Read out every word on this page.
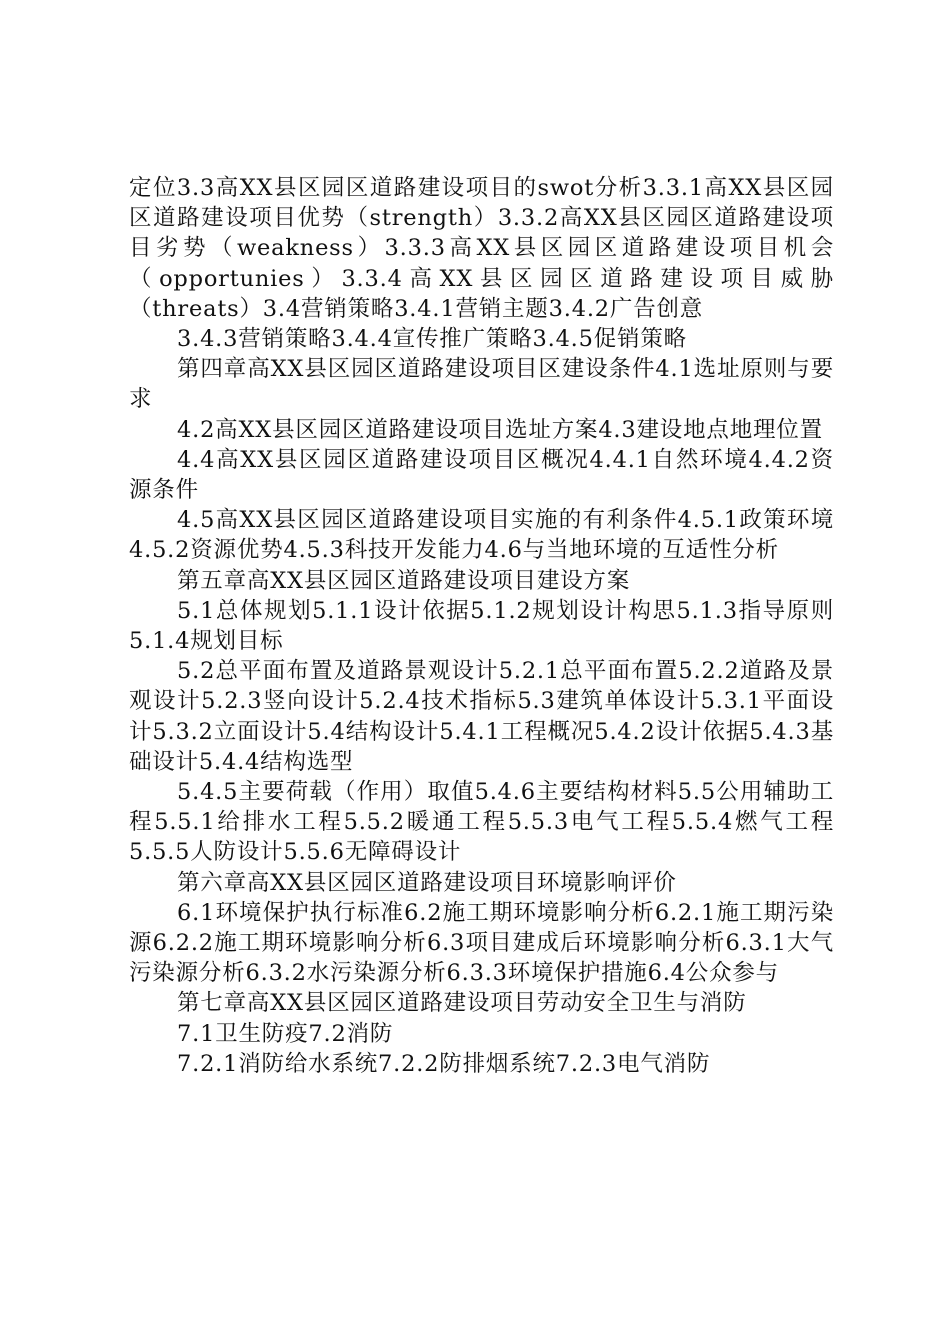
定位3.3高XX县区园区道路建设项目的swot分析3.3.1高XX县区园区道路建设项目优势（strength）3.3.2高XX县区园区道路建设项目劣势（weakness）3.3.3高XX县区园区道路建设项目机会（opportunies）3.3.4高XX县区园区道路建设项目威胁（threats）3.4营销策略3.4.1营销主题3.4.2广告创意

3.4.3营销策略3.4.4宣传推广策略3.4.5促销策略

第四章高XX县区园区道路建设项目区建设条件4.1选址原则与要求

4.2高XX县区园区道路建设项目选址方案4.3建设地点地理位置

4.4高XX县区园区道路建设项目区概况4.4.1自然环境4.4.2资源条件

4.5高XX县区园区道路建设项目实施的有利条件4.5.1政策环境4.5.2资源优势4.5.3科技开发能力4.6与当地环境的互适性分析

第五章高XX县区园区道路建设项目建设方案

5.1总体规划5.1.1设计依据5.1.2规划设计构思5.1.3指导原则5.1.4规划目标

5.2总平面布置及道路景观设计5.2.1总平面布置5.2.2道路及景观设计5.2.3竖向设计5.2.4技术指标5.3建筑单体设计5.3.1平面设计5.3.2立面设计5.4结构设计5.4.1工程概况5.4.2设计依据5.4.3基础设计5.4.4结构选型

5.4.5主要荷载（作用）取值5.4.6主要结构材料5.5公用辅助工程5.5.1给排水工程5.5.2暖通工程5.5.3电气工程5.5.4燃气工程5.5.5人防设计5.5.6无障碍设计

第六章高XX县区园区道路建设项目环境影响评价

6.1环境保护执行标准6.2施工期环境影响分析6.2.1施工期污染源6.2.2施工期环境影响分析6.3项目建成后环境影响分析6.3.1大气污染源分析6.3.2水污染源分析6.3.3环境保护措施6.4公众参与

第七章高XX县区园区道路建设项目劳动安全卫生与消防

7.1卫生防疫7.2消防

7.2.1消防给水系统7.2.2防排烟系统7.2.3电气消防
